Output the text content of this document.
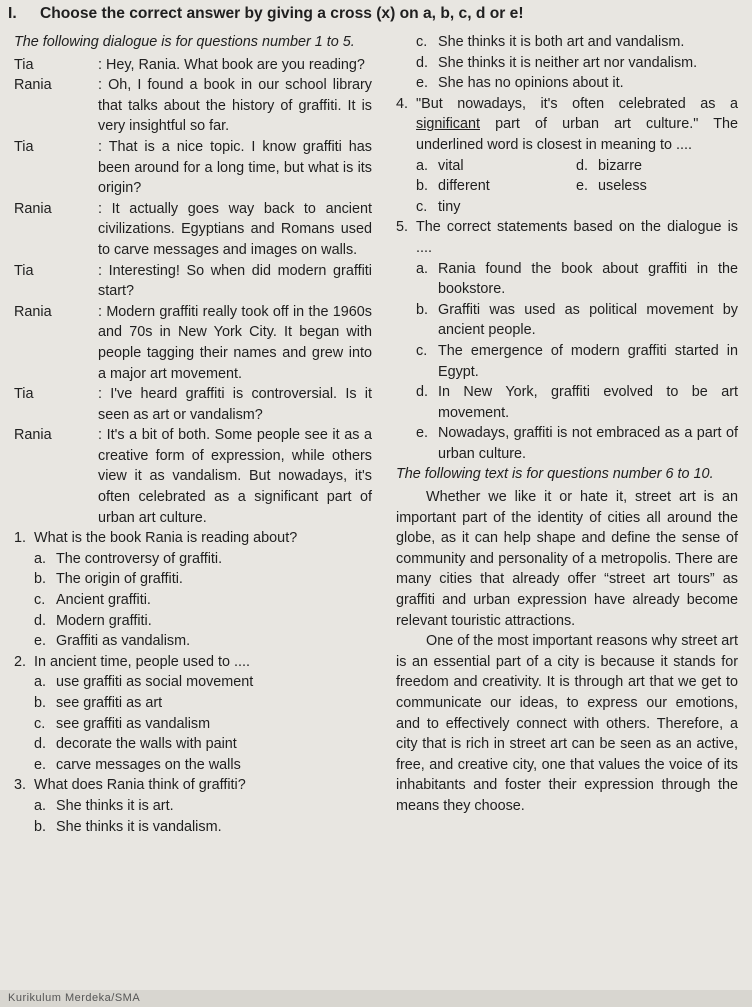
I. Choose the correct answer by giving a cross (x) on a, b, c, d or e!

The following dialogue is for questions number 1 to 5.

Tia	: Hey, Rania. What book are you reading?
Rania	: Oh, I found a book in our school library that talks about the history of graffiti. It is very insightful so far.
Tia	: That is a nice topic. I know graffiti has been around for a long time, but what is its origin?
Rania	: It actually goes way back to ancient civilizations. Egyptians and Romans used to carve messages and images on walls.
Tia	: Interesting! So when did modern graffiti start?
Rania	: Modern graffiti really took off in the 1960s and 70s in New York City. It began with people tagging their names and grew into a major art movement.
Tia	: I've heard graffiti is controversial. Is it seen as art or vandalism?
Rania	: It's a bit of both. Some people see it as a creative form of expression, while others view it as vandalism. But nowadays, it's often celebrated as a significant part of urban art culture.
1. What is the book Rania is reading about?
a. The controversy of graffiti.
b. The origin of graffiti.
c. Ancient graffiti.
d. Modern graffiti.
e. Graffiti as vandalism.
2. In ancient time, people used to ....
a. use graffiti as social movement
b. see graffiti as art
c. see graffiti as vandalism
d. decorate the walls with paint
e. carve messages on the walls
3. What does Rania think of graffiti?
a. She thinks it is art.
b. She thinks it is vandalism.
c. She thinks it is both art and vandalism.
d. She thinks it is neither art nor vandalism.
e. She has no opinions about it.
4. "But nowadays, it's often celebrated as a significant part of urban art culture." The underlined word is closest in meaning to ....
a. vital	d. bizarre
b. different	e. useless
c. tiny
5. The correct statements based on the dialogue is ....
a. Rania found the book about graffiti in the bookstore.
b. Graffiti was used as political movement by ancient people.
c. The emergence of modern graffiti started in Egypt.
d. In New York, graffiti evolved to be art movement.
e. Nowadays, graffiti is not embraced as a part of urban culture.

The following text is for questions number 6 to 10.

Whether we like it or hate it, street art is an important part of the identity of cities all around the globe, as it can help shape and define the sense of community and personality of a metropolis. There are many cities that already offer “street art tours” as graffiti and urban expression have already become relevant touristic attractions.

One of the most important reasons why street art is an essential part of a city is because it stands for freedom and creativity. It is through art that we get to communicate our ideas, to express our emotions, and to effectively connect with others. Therefore, a city that is rich in street art can be seen as an active, free, and creative city, one that values the voice of its inhabitants and foster their expression through the means they choose.

Kurikulum Merdeka/SMA
